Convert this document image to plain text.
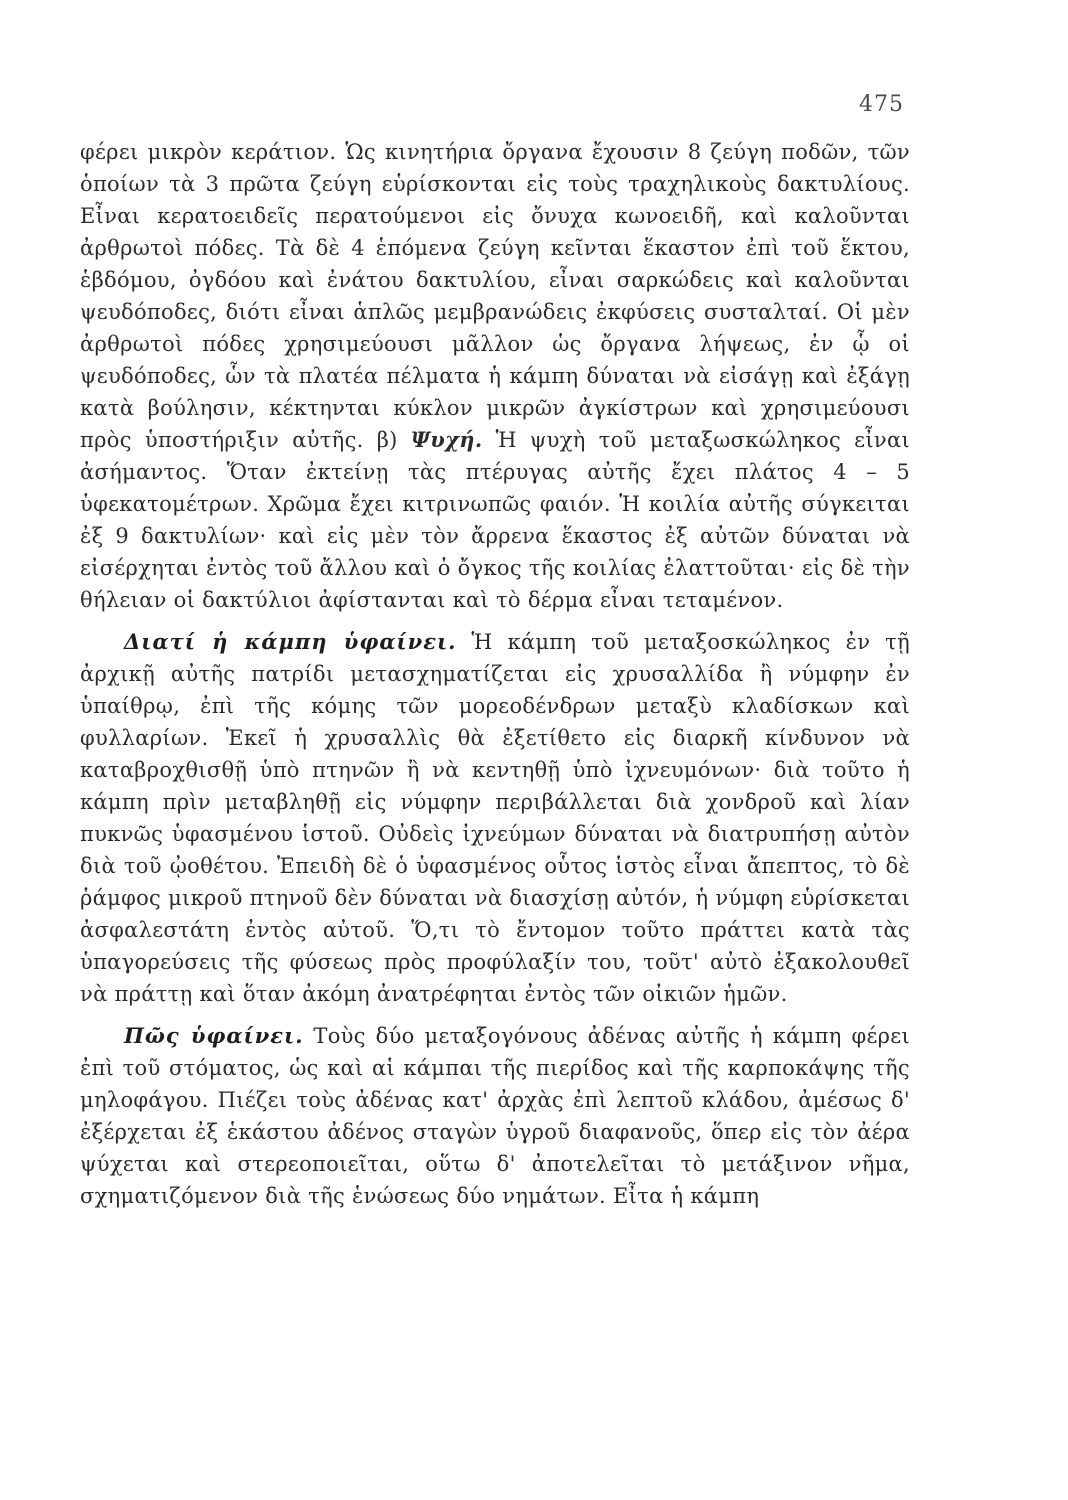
475

φέρει μικρὸν κεράτιον. Ὡς κινητήρια ὄργανα ἔχουσιν 8 ζεύγη ποδῶν, τῶν ὁποίων τὰ 3 πρῶτα ζεύγη εὑρίσκονται εἰς τοὺς τραχηλικοὺς δακτυλίους. Εἶναι κερατοειδεῖς περατούμενοι εἰς ὄνυχα κωνοειδῆ, καὶ καλοῦνται ἀρθρωτοὶ πόδες. Τὰ δὲ 4 ἑπόμενα ζεύγη κεῖνται ἕκαστον ἐπὶ τοῦ ἕκτου, ἑβδόμου, ὀγδόου καὶ ἐνάτου δακτυλίου, εἶναι σαρκώδεις καὶ καλοῦνται ψευδόποδες, διότι εἶναι ἁπλῶς μεμβρανώδεις ἐκφύσεις συσταλταί. Οἱ μὲν ἀρθρωτοὶ πόδες χρησιμεύουσι μᾶλλον ὡς ὄργανα λήψεως, ἐν ᾧ οἱ ψευδόποδες, ὧν τὰ πλατέα πέλματα ἡ κάμπη δύναται νὰ εἰσάγῃ καὶ ἐξάγῃ κατὰ βούλησιν, κέκτηνται κύκλον μικρῶν ἀγκίστρων καὶ χρησιμεύουσι πρὸς ὑποστήριξιν αὐτῆς. β) Ψυχή. Ἡ ψυχὴ τοῦ μεταξωσκώληκος εἶναι ἀσήμαντος. Ὅταν ἐκτείνῃ τὰς πτέρυγας αὐτῆς ἔχει πλάτος 4 – 5 ὑφεκατομέτρων. Χρῶμα ἔχει κιτρινωπῶς φαιόν. Ἡ κοιλία αὐτῆς σύγκειται ἐξ 9 δακτυλίων· καὶ εἰς μὲν τὸν ἄρρενα ἕκαστος ἐξ αὐτῶν δύναται νὰ εἰσέρχηται ἐντὸς τοῦ ἄλλου καὶ ὁ ὄγκος τῆς κοιλίας ἐλαττοῦται· εἰς δὲ τὴν θήλειαν οἱ δακτύλιοι ἀφίστανται καὶ τὸ δέρμα εἶναι τεταμένον.

Διατί ἡ κάμπη ὑφαίνει. Ἡ κάμπη τοῦ μεταξοσκώληκος ἐν τῇ ἀρχικῇ αὐτῆς πατρίδι μετασχηματίζεται εἰς χρυσαλλίδα ἢ νύμφην ἐν ὑπαίθρῳ, ἐπὶ τῆς κόμης τῶν μορεοδένδρων μεταξὺ κλαδίσκων καὶ φυλλαρίων. Ἐκεῖ ἡ χρυσαλλὶς θὰ ἐξετίθετο εἰς διαρκῆ κίνδυνον νὰ καταβροχθισθῇ ὑπὸ πτηνῶν ἢ νὰ κεντηθῇ ὑπὸ ἰχνευμόνων· διὰ τοῦτο ἡ κάμπη πρὶν μεταβληθῇ εἰς νύμφην περιβάλλεται διὰ χονδροῦ καὶ λίαν πυκνῶς ὑφασμένου ἱστοῦ. Οὐδεὶς ἰχνεύμων δύναται νὰ διατρυπήσῃ αὐτὸν διὰ τοῦ ᾠοθέτου. Ἐπειδὴ δὲ ὁ ὑφασμένος οὗτος ἱστὸς εἶναι ἄπεπτος, τὸ δὲ ῥάμφος μικροῦ πτηνοῦ δὲν δύναται νὰ διασχίσῃ αὐτόν, ἡ νύμφη εὑρίσκεται ἀσφαλεστάτη ἐντὸς αὐτοῦ. Ὅ,τι τὸ ἔντομον τοῦτο πράττει κατὰ τὰς ὑπαγορεύσεις τῆς φύσεως πρὸς προφύλαξίν του, τοῦτ' αὐτὸ ἐξακολουθεῖ νὰ πράττῃ καὶ ὅταν ἀκόμη ἀνατρέφηται ἐντὸς τῶν οἰκιῶν ἡμῶν.

Πῶς ὑφαίνει. Τοὺς δύο μεταξογόνους ἀδένας αὐτῆς ἡ κάμπη φέρει ἐπὶ τοῦ στόματος, ὡς καὶ αἱ κάμπαι τῆς πιερίδος καὶ τῆς καρποκάψης τῆς μηλοφάγου. Πιέζει τοὺς ἀδένας κατ' ἀρχὰς ἐπὶ λεπτοῦ κλάδου, ἀμέσως δ' ἐξέρχεται ἐξ ἑκάστου ἀδένος σταγὼν ὑγροῦ διαφανοῦς, ὅπερ εἰς τὸν ἀέρα ψύχεται καὶ στερεοποιεῖται, οὕτω δ' ἀποτελεῖται τὸ μετάξινον νῆμα, σχηματιζόμενον διὰ τῆς ἑνώσεως δύο νημάτων. Εἶτα ἡ κάμπη
